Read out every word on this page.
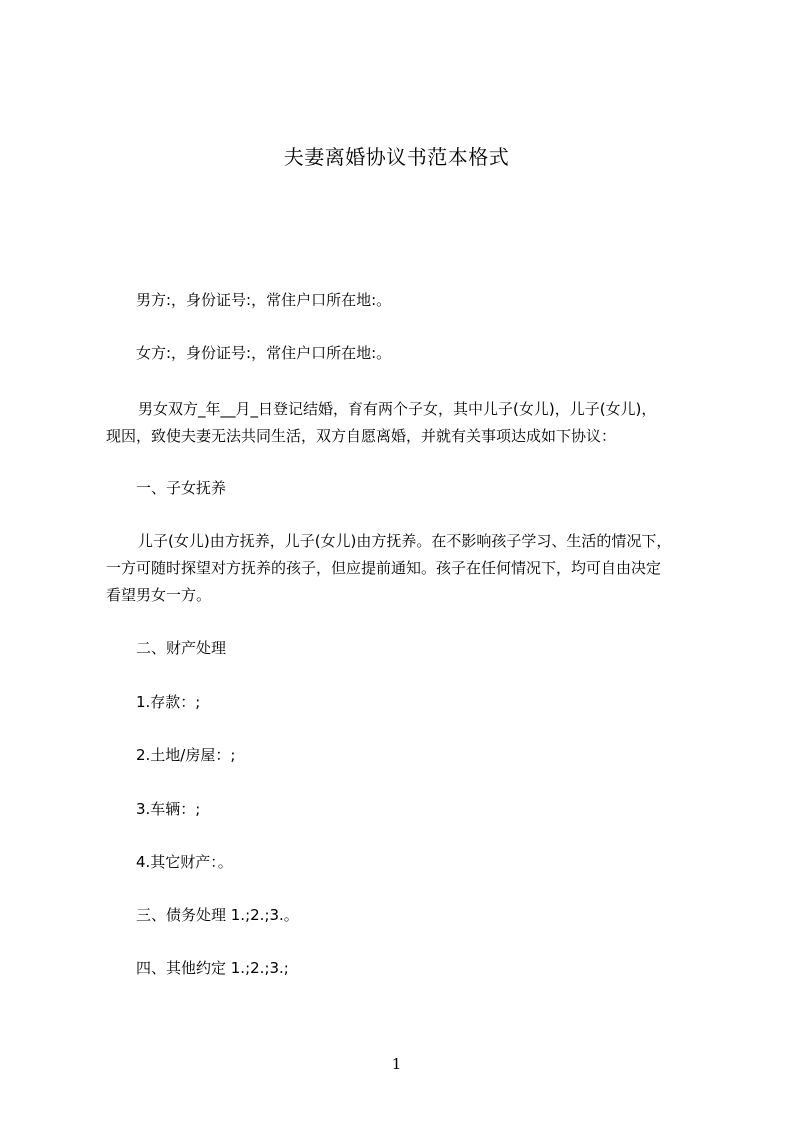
夫妻离婚协议书范本格式
男方:，身份证号:，常住户口所在地:。
女方:，身份证号:，常住户口所在地:。
男女双方_年__月_日登记结婚，育有两个子女，其中儿子(女儿)，儿子(女儿)，
现因，致使夫妻无法共同生活，双方自愿离婚，并就有关事项达成如下协议：
一、子女抚养
儿子(女儿)由方抚养，儿子(女儿)由方抚养。在不影响孩子学习、生活的情况下，
一方可随时探望对方抚养的孩子，但应提前通知。孩子在任何情况下，均可自由决定
看望男女一方。
二、财产处理
1.存款：;
2.土地/房屋：;
3.车辆：;
4.其它财产：。
三、债务处理 1.;2.;3.。
四、其他约定 1.;2.;3.;
1
